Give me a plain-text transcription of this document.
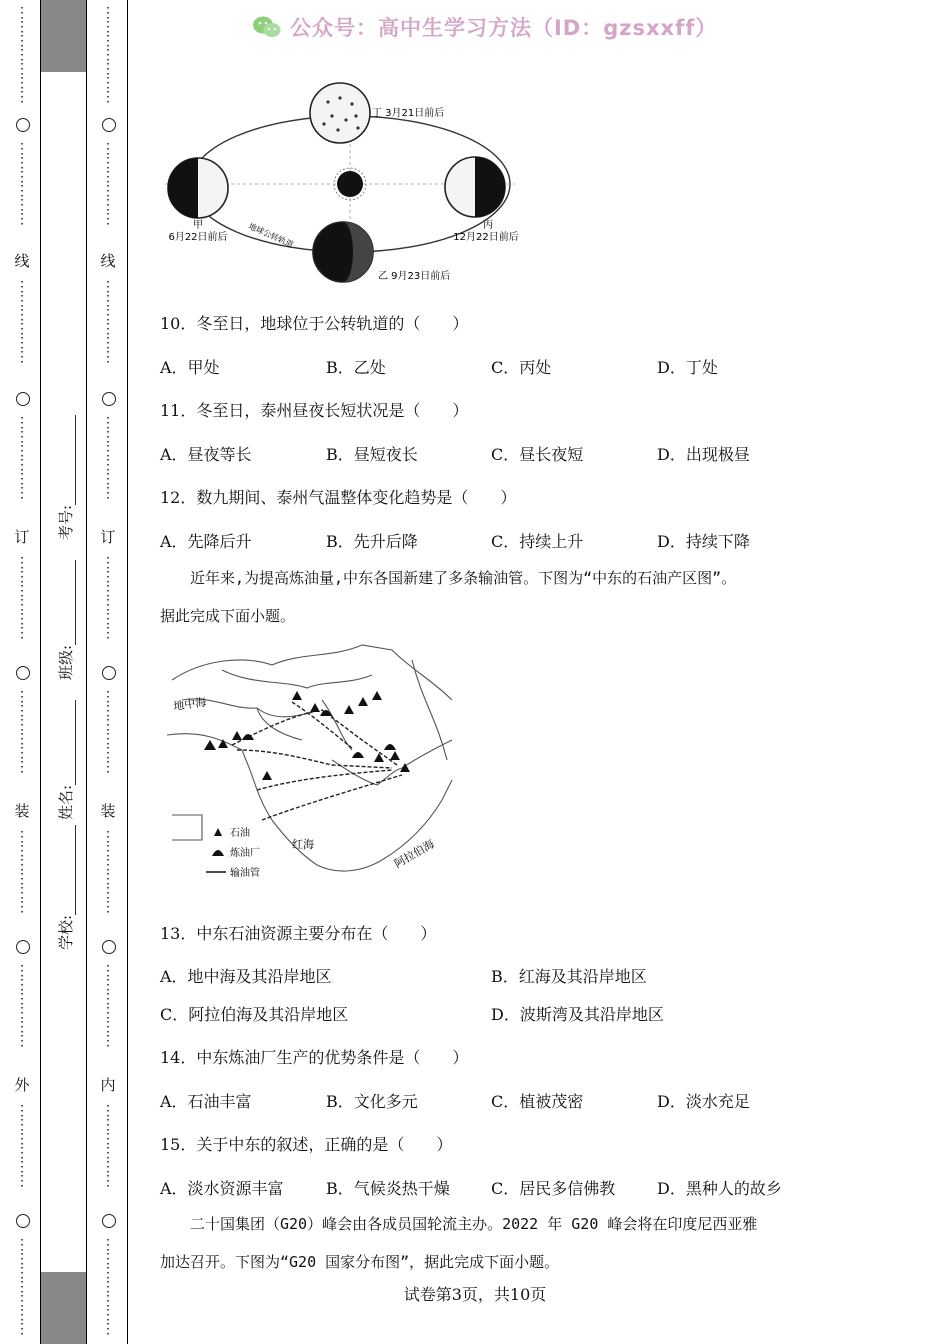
⋮
⋮
⋮
⋮
⋮
⋮
⋮
⋮
⋮
⋮
⋮
⋮
⋮
线
⋮
⋮
⋮
⋮
⋮
⋮
⋮
⋮
⋮
⋮
⋮
⋮
订
⋮
⋮
⋮
⋮
⋮
⋮
⋮
⋮
⋮
⋮
⋮
⋮
装
⋮
⋮
⋮
⋮
⋮
⋮
⋮
⋮
⋮
⋮
⋮
⋮
外
⋮
⋮
⋮
⋮
⋮
⋮
⋮
⋮
⋮
⋮
⋮
⋮
⋮
⋮
⋮
⋮
⋮
⋮
⋮
⋮
⋮
⋮
⋮
⋮
⋮
⋮
线
⋮
⋮
⋮
⋮
⋮
⋮
⋮
⋮
⋮
⋮
⋮
⋮
订
⋮
⋮
⋮
⋮
⋮
⋮
⋮
⋮
⋮
⋮
⋮
⋮
装
⋮
⋮
⋮
⋮
⋮
⋮
⋮
⋮
⋮
⋮
⋮
⋮
内
⋮
⋮
⋮
⋮
⋮
⋮
⋮
⋮
⋮
⋮
⋮
⋮
⋮
学校:
姓名:
班级:
考号:
公众号：高中生学习方法（ID：gzsxxff）
丁 3月21日前后
甲
6月22日前后
丙
12月22日前后
乙 9月23日前后
地球公转轨道
10．冬至日，地球位于公转轨道的（　　）
A．甲处	B．乙处	C．丙处	D．丁处
11．冬至日，泰州昼夜长短状况是（　　）
A．昼夜等长	B．昼短夜长	C．昼长夜短	D．出现极昼
12．数九期间、泰州气温整体变化趋势是（　　）
A．先降后升	B．先升后降	C．持续上升	D．持续下降
近年来,为提高炼油量,中东各国新建了多条输油管。下图为“中东的石油产区图”。
据此完成下面小题。
地中海
红海	阿拉伯海
石油
炼油厂
输油管
13．中东石油资源主要分布在（　　）
A．地中海及其沿岸地区	B．红海及其沿岸地区
C．阿拉伯海及其沿岸地区	D．波斯湾及其沿岸地区
14．中东炼油厂生产的优势条件是（　　）
A．石油丰富	B．文化多元	C．植被茂密	D．淡水充足
15．关于中东的叙述，正确的是（　　）
A．淡水资源丰富	B．气候炎热干燥	C．居民多信佛教	D．黑种人的故乡
二十国集团（G20）峰会由各成员国轮流主办。2022 年 G20 峰会将在印度尼西亚雅
加达召开。下图为“G20 国家分布图”，据此完成下面小题。
试卷第3页，共10页
